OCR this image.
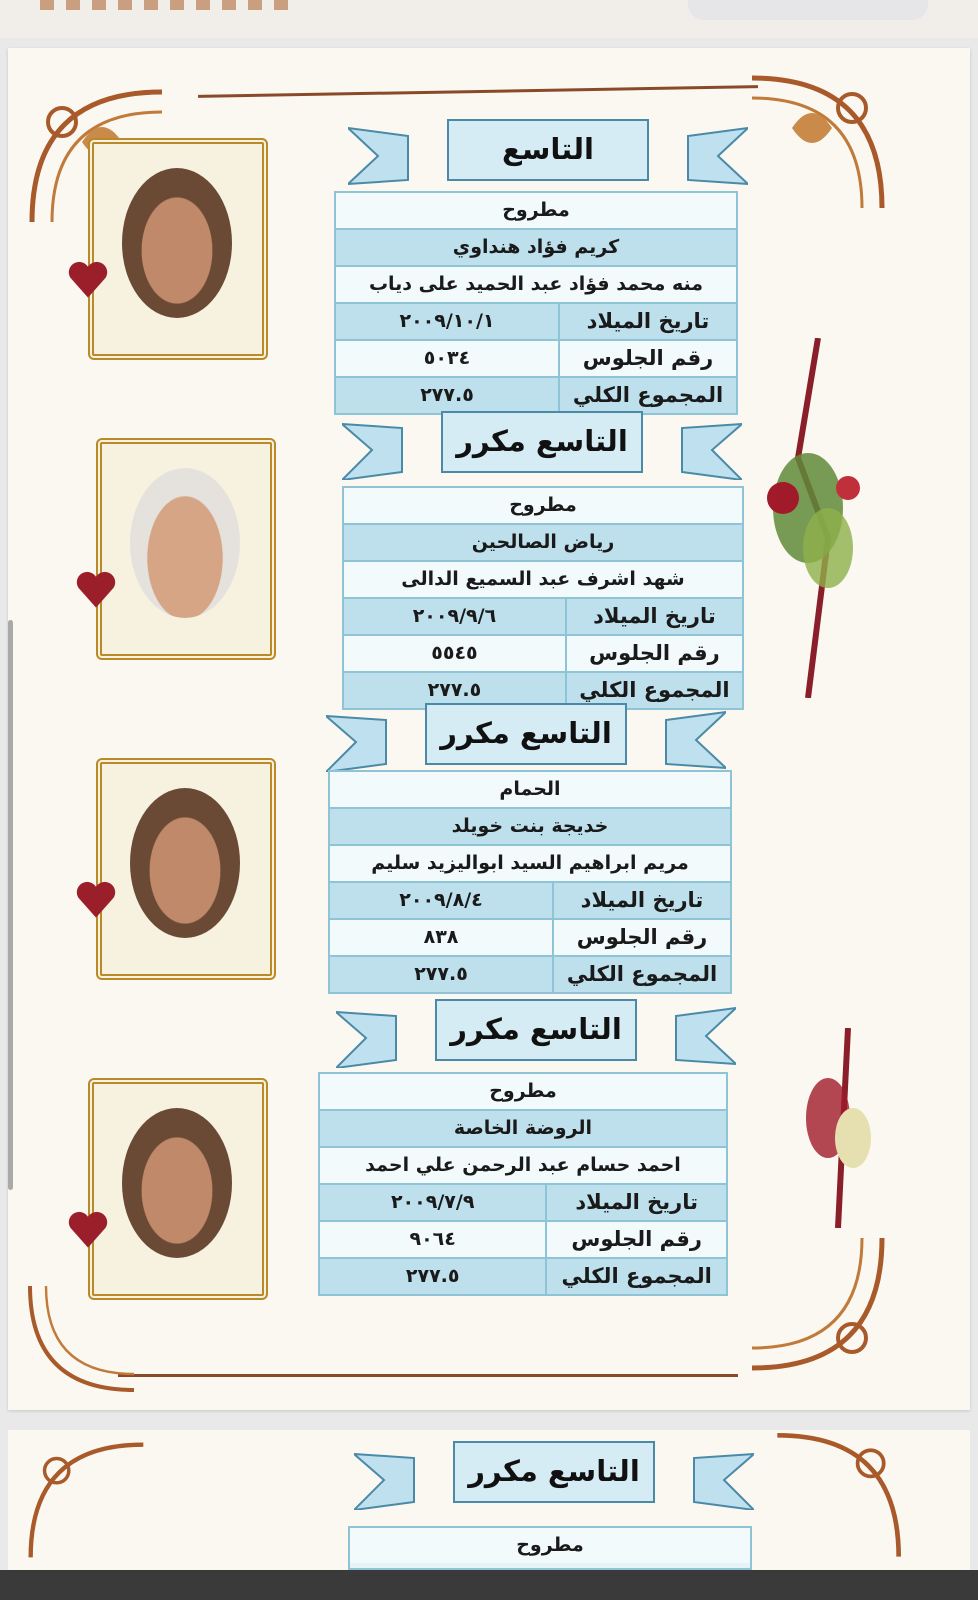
التاسع
مطروح
كريم فؤاد هنداوي
منه محمد فؤاد عبد الحميد على دياب
تاريخ الميلاد
٢٠٠٩/١٠/١
رقم الجلوس
٥٠٣٤
المجموع الكلي
٢٧٧.٥
التاسع مكرر
مطروح
رياض الصالحين
شهد اشرف عبد السميع الدالى
تاريخ الميلاد
٢٠٠٩/٩/٦
رقم الجلوس
٥٥٤٥
المجموع الكلي
٢٧٧.٥
التاسع مكرر
الحمام
خديجة بنت خويلد
مريم ابراهيم السيد ابواليزيد سليم
تاريخ الميلاد
٢٠٠٩/٨/٤
رقم الجلوس
٨٣٨
المجموع الكلي
٢٧٧.٥
التاسع مكرر
مطروح
الروضة الخاصة
احمد حسام عبد الرحمن علي احمد
تاريخ الميلاد
٢٠٠٩/٧/٩
رقم الجلوس
٩٠٦٤
المجموع الكلي
٢٧٧.٥
التاسع مكرر
مطروح
